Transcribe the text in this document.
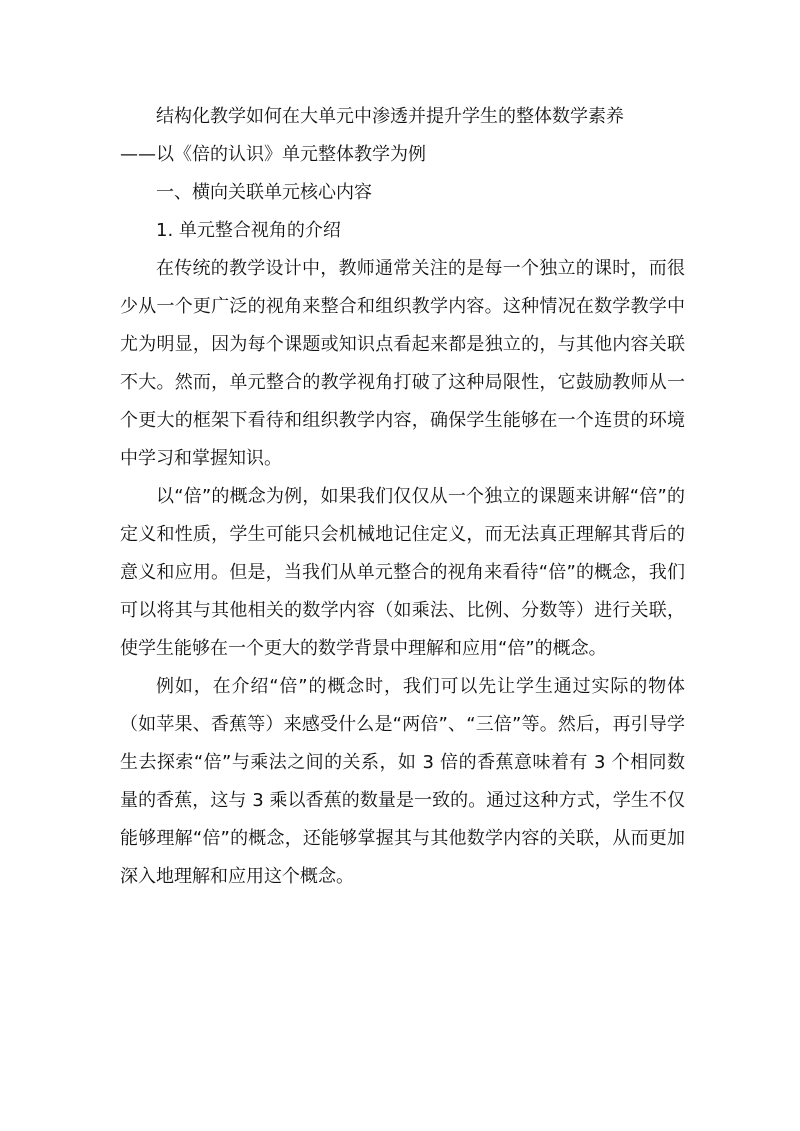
结构化教学如何在大单元中渗透并提升学生的整体数学素养

——以《倍的认识》单元整体教学为例

一、横向关联单元核心内容

1. 单元整合视角的介绍

在传统的教学设计中，教师通常关注的是每一个独立的课时，而很少从一个更广泛的视角来整合和组织教学内容。这种情况在数学教学中尤为明显，因为每个课题或知识点看起来都是独立的，与其他内容关联不大。然而，单元整合的教学视角打破了这种局限性，它鼓励教师从一个更大的框架下看待和组织教学内容，确保学生能够在一个连贯的环境中学习和掌握知识。

以“倍”的概念为例，如果我们仅仅从一个独立的课题来讲解“倍”的定义和性质，学生可能只会机械地记住定义，而无法真正理解其背后的意义和应用。但是，当我们从单元整合的视角来看待“倍”的概念，我们可以将其与其他相关的数学内容（如乘法、比例、分数等）进行关联，使学生能够在一个更大的数学背景中理解和应用“倍”的概念。

例如，在介绍“倍”的概念时，我们可以先让学生通过实际的物体（如苹果、香蕉等）来感受什么是“两倍”、“三倍”等。然后，再引导学生去探索“倍”与乘法之间的关系，如 3 倍的香蕉意味着有 3 个相同数量的香蕉，这与 3 乘以香蕉的数量是一致的。通过这种方式，学生不仅能够理解“倍”的概念，还能够掌握其与其他数学内容的关联，从而更加深入地理解和应用这个概念。
